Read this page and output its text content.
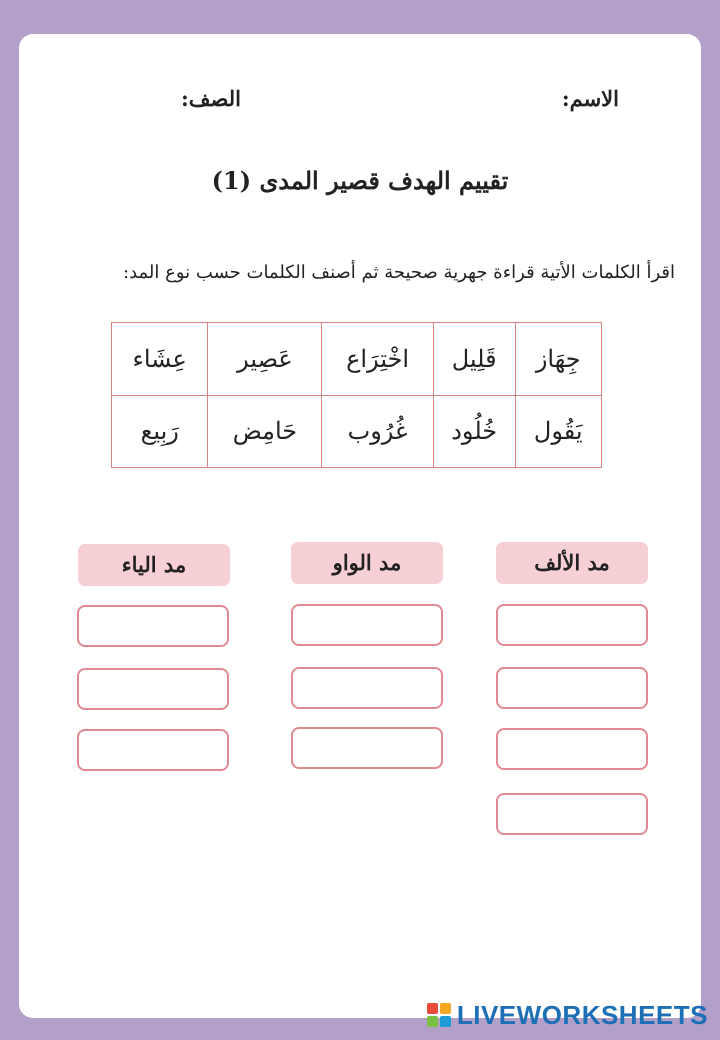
الاسم:
الصف:
تقييم الهدف قصير المدى (1)
اقرأ الكلمات الأتية قراءة جهرية صحيحة ثم أصنف الكلمات حسب نوع المد:
جِهَاز	قَلِيل	اخْتِرَاع	عَصِير	عِشَاء
يَقُول	خُلُود	غُرُوب	حَامِض	رَبِيع
مد الألف
مد الواو
مد الياء
LIVEWORKSHEETS
